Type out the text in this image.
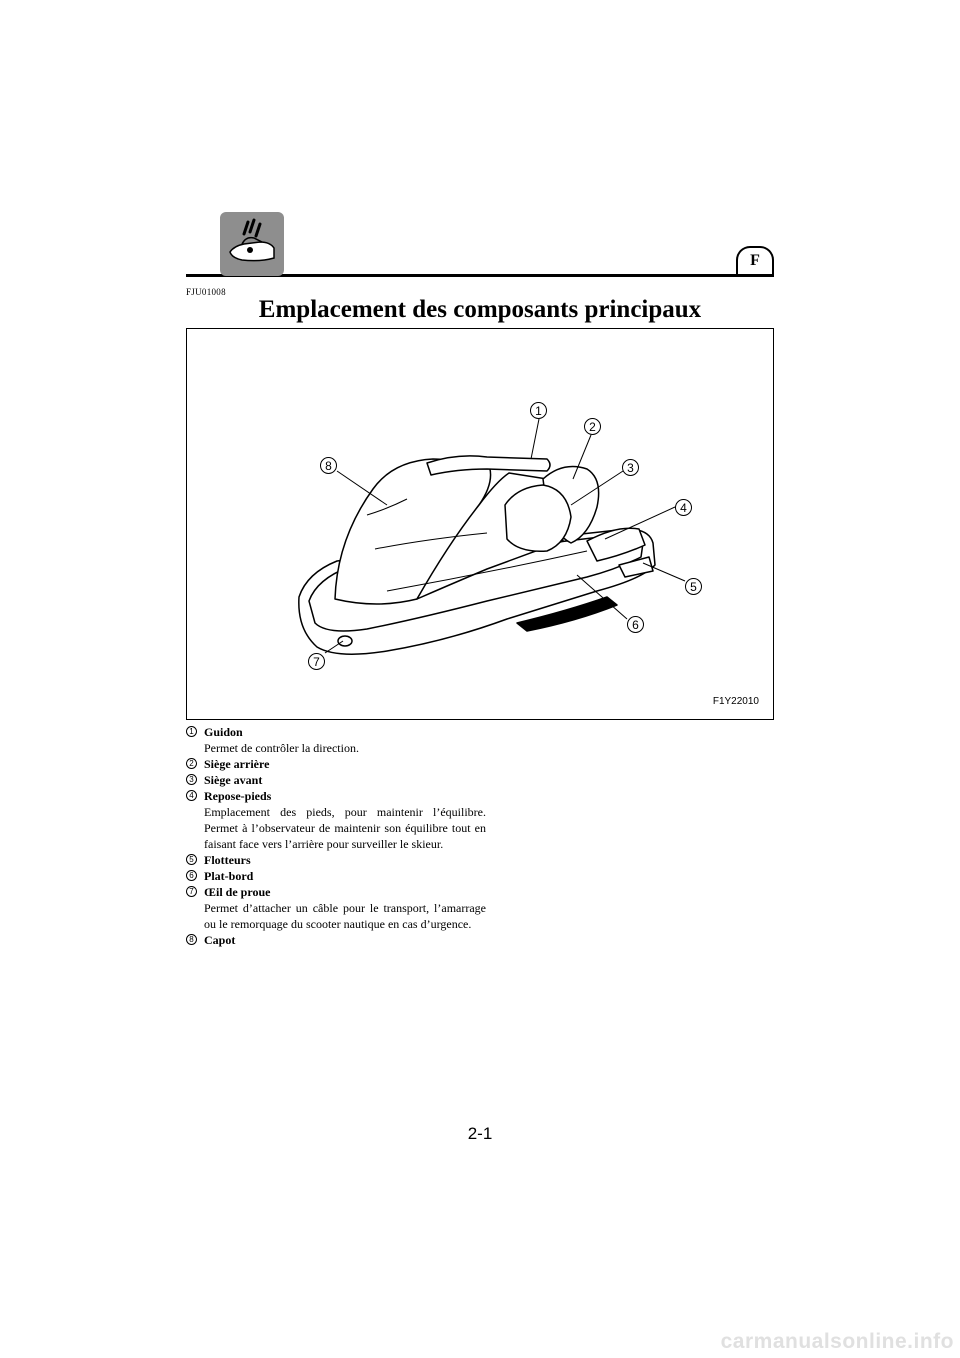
F
FJU01008
Emplacement des composants principaux
1
2
3
4
5
6
7
8
F1Y22010
1 Guidon
Permet de contrôler la direction.
2 Siège arrière
3 Siège avant
4 Repose-pieds
Emplacement des pieds, pour maintenir l’équilibre. Permet à l’observateur de maintenir son équilibre tout en faisant face vers l’arrière pour surveiller le skieur.
5 Flotteurs
6 Plat-bord
7 Œil de proue
Permet d’attacher un câble pour le transport, l’amarrage ou le remorquage du scooter nautique en cas d’urgence.
8 Capot
2-1
carmanualsonline.info
